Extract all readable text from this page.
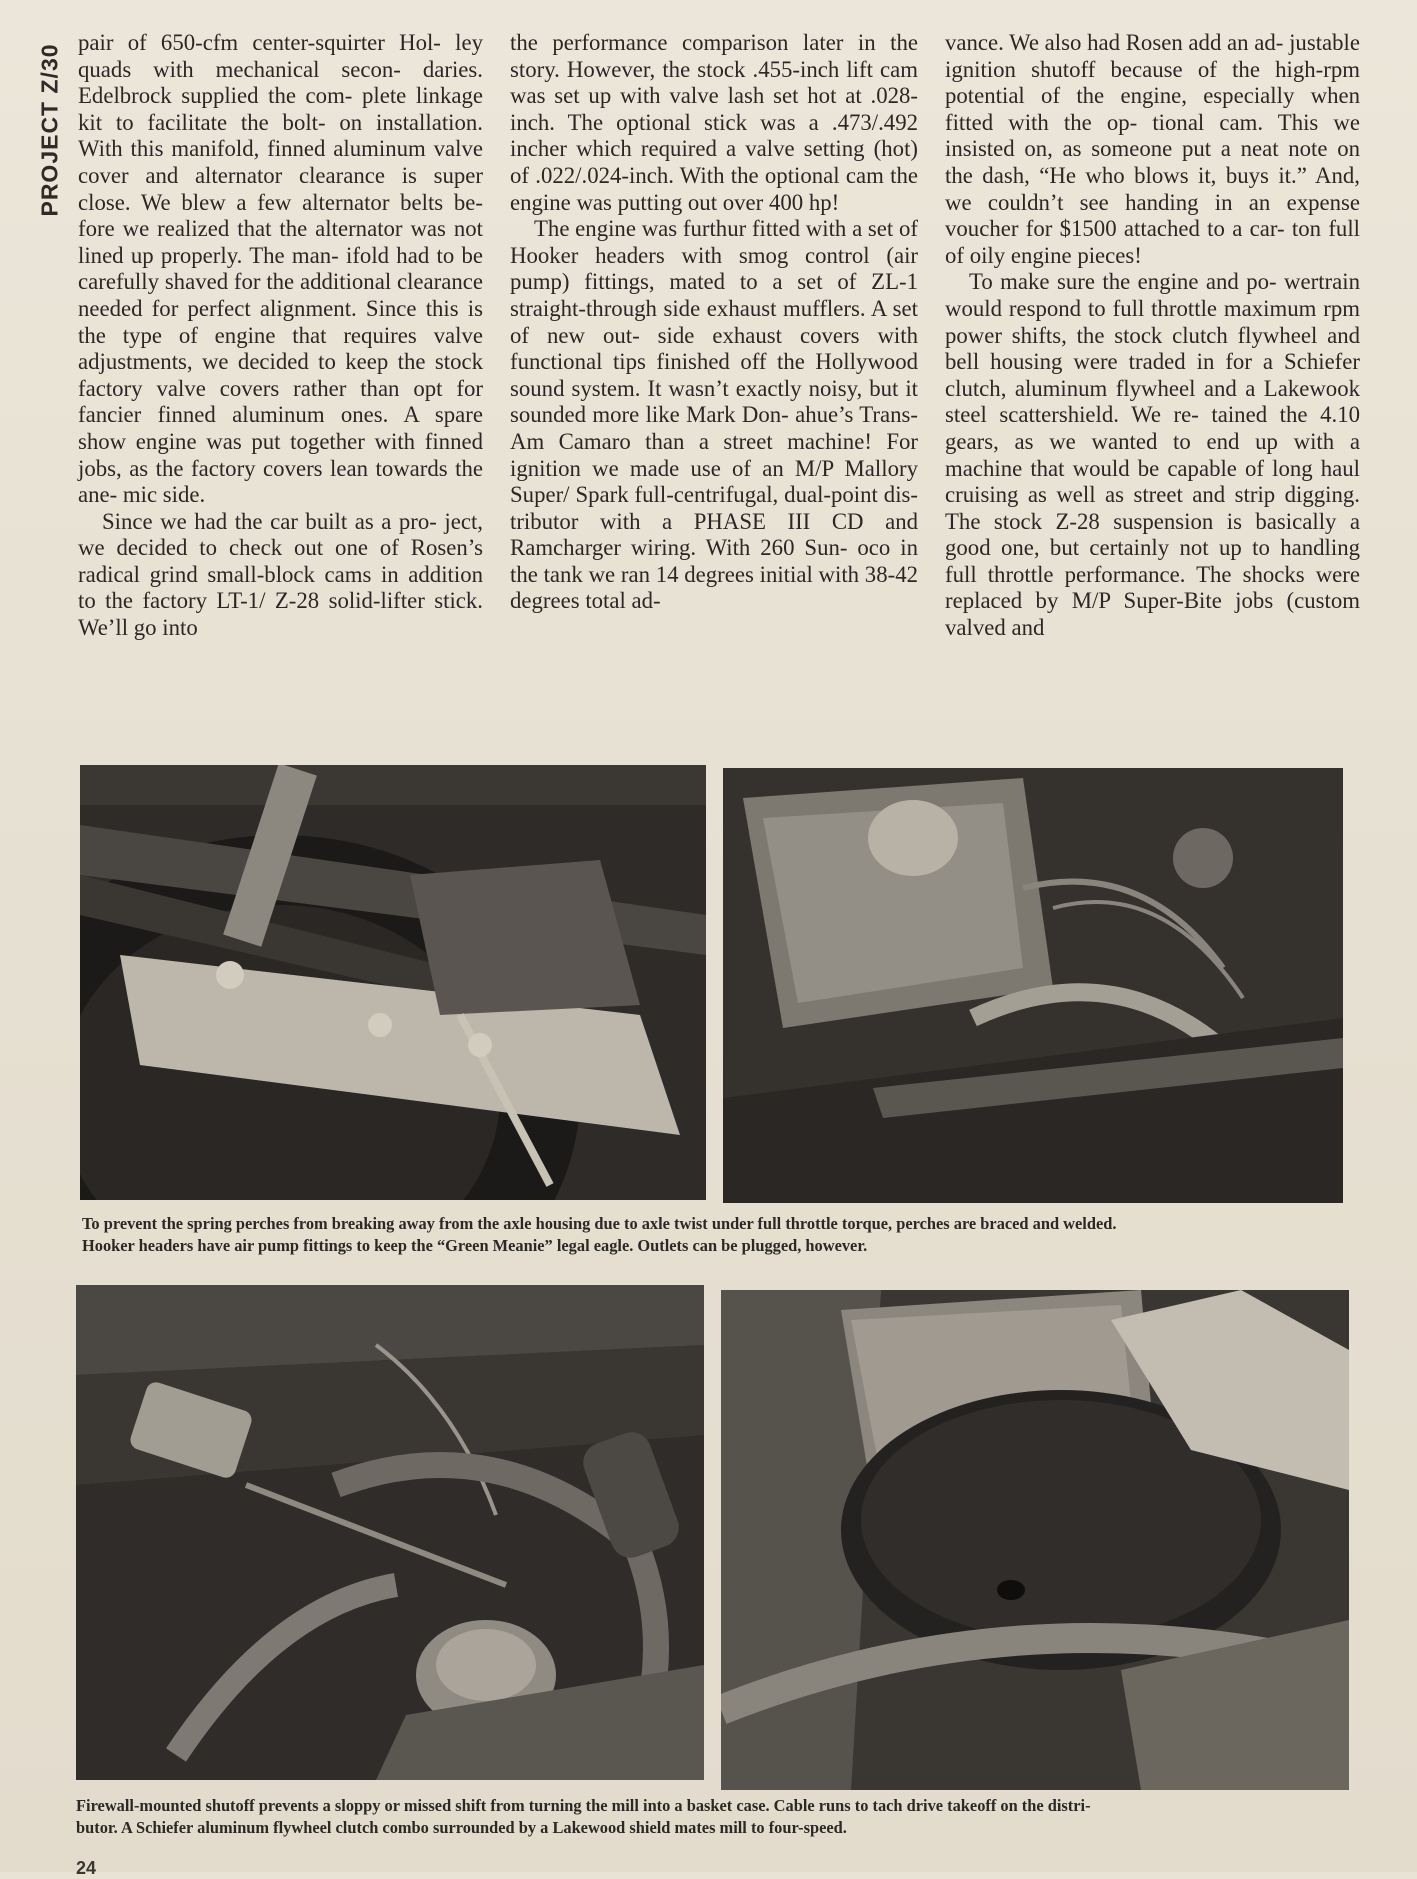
PROJECT Z/30

pair of 650-cfm center-squirter Hol- ley quads with mechanical secon- daries. Edelbrock supplied the com- plete linkage kit to facilitate the bolt- on installation. With this manifold, finned aluminum valve cover and alternator clearance is super close. We blew a few alternator belts be- fore we realized that the alternator was not lined up properly. The man- ifold had to be carefully shaved for the additional clearance needed for perfect alignment. Since this is the type of engine that requires valve adjustments, we decided to keep the stock factory valve covers rather than opt for fancier finned aluminum ones. A spare show engine was put together with finned jobs, as the factory covers lean towards the ane- mic side.

Since we had the car built as a pro- ject, we decided to check out one of Rosen’s radical grind small-block cams in addition to the factory LT-1/ Z-28 solid-lifter stick. We’ll go into

the performance comparison later in the story. However, the stock .455-inch lift cam was set up with valve lash set hot at .028-inch. The optional stick was a .473/.492 incher which required a valve setting (hot) of .022/.024-inch. With the optional cam the engine was putting out over 400 hp!

The engine was furthur fitted with a set of Hooker headers with smog control (air pump) fittings, mated to a set of ZL-1 straight-through side exhaust mufflers. A set of new out- side exhaust covers with functional tips finished off the Hollywood sound system. It wasn’t exactly noisy, but it sounded more like Mark Don- ahue’s Trans-Am Camaro than a street machine! For ignition we made use of an M/P Mallory Super/ Spark full-centrifugal, dual-point dis- tributor with a PHASE III CD and Ramcharger wiring. With 260 Sun- oco in the tank we ran 14 degrees initial with 38-42 degrees total ad-

vance. We also had Rosen add an ad- justable ignition shutoff because of the high-rpm potential of the engine, especially when fitted with the op- tional cam. This we insisted on, as someone put a neat note on the dash, “He who blows it, buys it.” And, we couldn’t see handing in an expense voucher for $1500 attached to a car- ton full of oily engine pieces!

To make sure the engine and po- wertrain would respond to full throttle maximum rpm power shifts, the stock clutch flywheel and bell housing were traded in for a Schiefer clutch, aluminum flywheel and a Lakewook steel scattershield. We re- tained the 4.10 gears, as we wanted to end up with a machine that would be capable of long haul cruising as well as street and strip digging. The stock Z-28 suspension is basically a good one, but certainly not up to handling full throttle performance. The shocks were replaced by M/P Super-Bite jobs (custom valved and

To prevent the spring perches from breaking away from the axle housing due to axle twist under full throttle torque, perches are braced and welded.
Hooker headers have air pump fittings to keep the “Green Meanie” legal eagle. Outlets can be plugged, however.
Firewall-mounted shutoff prevents a sloppy or missed shift from turning the mill into a basket case. Cable runs to tach drive takeoff on the distri-
butor. A Schiefer aluminum flywheel clutch combo surrounded by a Lakewood shield mates mill to four-speed.
24
